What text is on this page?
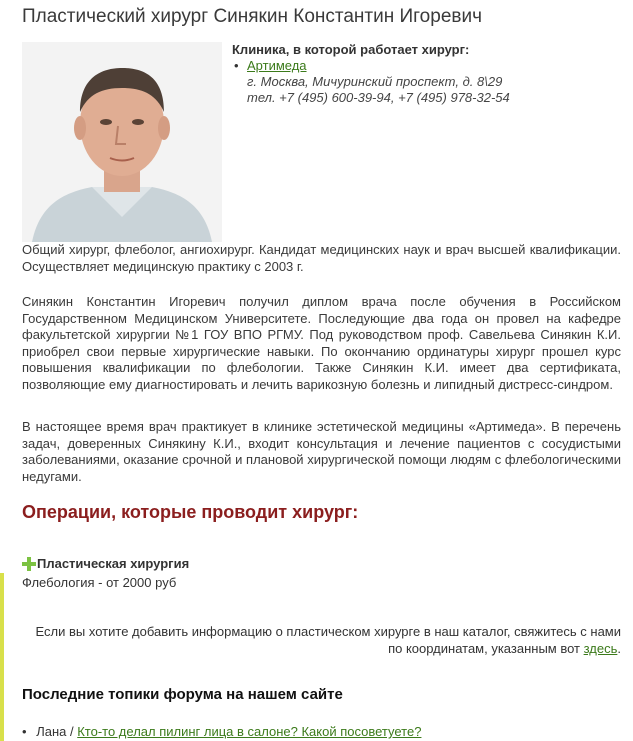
Пластический хирург Синякин Константин Игоревич
Клиника, в которой работает хирург:
• Артимеда
г. Москва, Мичуринский проспект, д. 8\29
тел. +7 (495) 600-39-94, +7 (495) 978-32-54

Общий хирург, флеболог, ангиохирург. Кандидат медицинских наук и врач высшей квалификации. Осуществляет медицинскую практику с 2003 г.

Синякин Константин Игоревич получил диплом врача после обучения в Российском Государственном Медицинском Университете. Последующие два года он провел на кафедре факультетской хирургии №1 ГОУ ВПО РГМУ. Под руководством проф. Савельева Синякин К.И. приобрел свои первые хирургические навыки. По окончанию ординатуры хирург прошел курс повышения квалификации по флебологии. Также Синякин К.И. имеет два сертификата, позволяющие ему диагностировать и лечить варикозную болезнь и липидный дистресс-синдром.

В настоящее время врач практикует в клинике эстетической медицины «Артимеда». В перечень задач, доверенных Синякину К.И., входит консультация и лечение пациентов с сосудистыми заболеваниями, оказание срочной и плановой хирургической помощи людям с флебологическими недугами.

Операции, которые проводит хирург:
Пластическая хирургия
Флебология - от 2000 руб

Если вы хотите добавить информацию о пластическом хирурге в наш каталог, свяжитесь с нами по координатам, указанным вот здесь.

Последние топики форума на нашем сайте
• Лана / Кто-то делал пилинг лица в салоне? Какой посоветуете?
